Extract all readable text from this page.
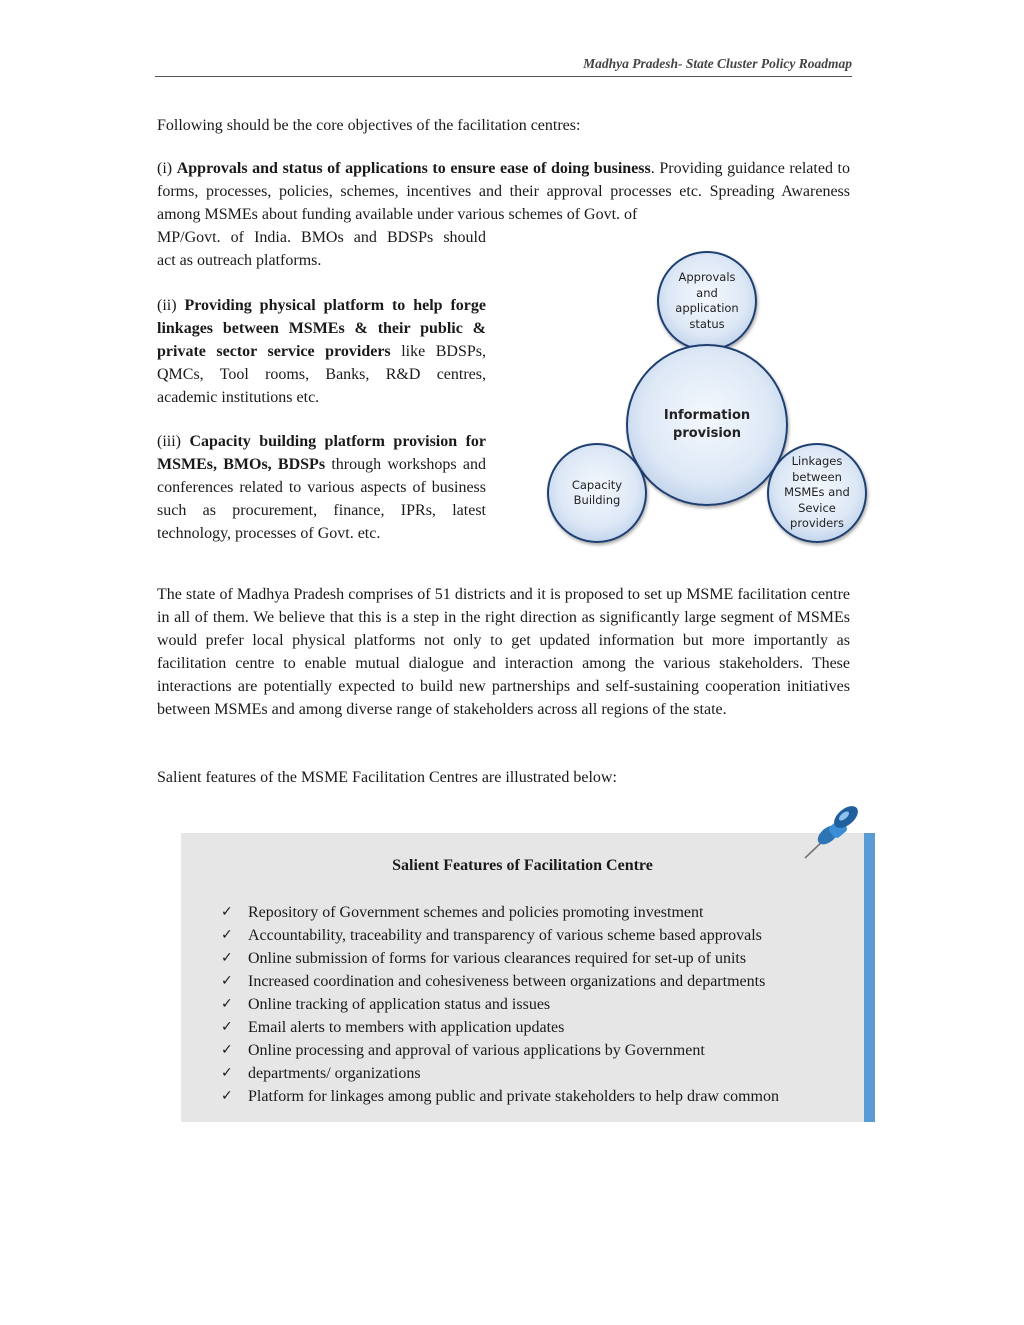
Madhya Pradesh- State Cluster Policy Roadmap

Following should be the core objectives of the facilitation centres:

(i) Approvals and status of applications to ensure ease of doing business. Providing guidance related to forms, processes, policies, schemes, incentives and their approval processes etc. Spreading Awareness among MSMEs about funding available under various schemes of Govt. of

MP/Govt. of India. BMOs and BDSPs should
act as outreach platforms.

(ii) Providing physical platform to help forge linkages between MSMEs & their public & private sector service providers like BDSPs, QMCs, Tool rooms, Banks, R&D centres, academic institutions etc.

(iii) Capacity building platform provision for MSMEs, BMOs, BDSPs through workshops and conferences related to various aspects of business such as procurement, finance, IPRs, latest technology, processes of Govt. etc.

Approvals and application status
Information provision
Capacity Building
Linkages between MSMEs and Sevice providers

The state of Madhya Pradesh comprises of 51 districts and it is proposed to set up MSME facilitation centre in all of them. We believe that this is a step in the right direction as significantly large segment of MSMEs would prefer local physical platforms not only to get updated information but more importantly as facilitation centre to enable mutual dialogue and interaction among the various stakeholders. These interactions are potentially expected to build new partnerships and self-sustaining cooperation initiatives between MSMEs and among diverse range of stakeholders across all regions of the state.

Salient features of the MSME Facilitation Centres are illustrated below:

Salient Features of Facilitation Centre
✓ Repository of Government schemes and policies promoting investment
✓ Accountability, traceability and transparency of various scheme based approvals
✓ Online submission of forms for various clearances required for set-up of units
✓ Increased coordination and cohesiveness between organizations and departments
✓ Online tracking of application status and issues
✓ Email alerts to members with application updates
✓ Online processing and approval of various applications by Government
✓ departments/ organizations
✓ Platform for linkages among public and private stakeholders to help draw common
